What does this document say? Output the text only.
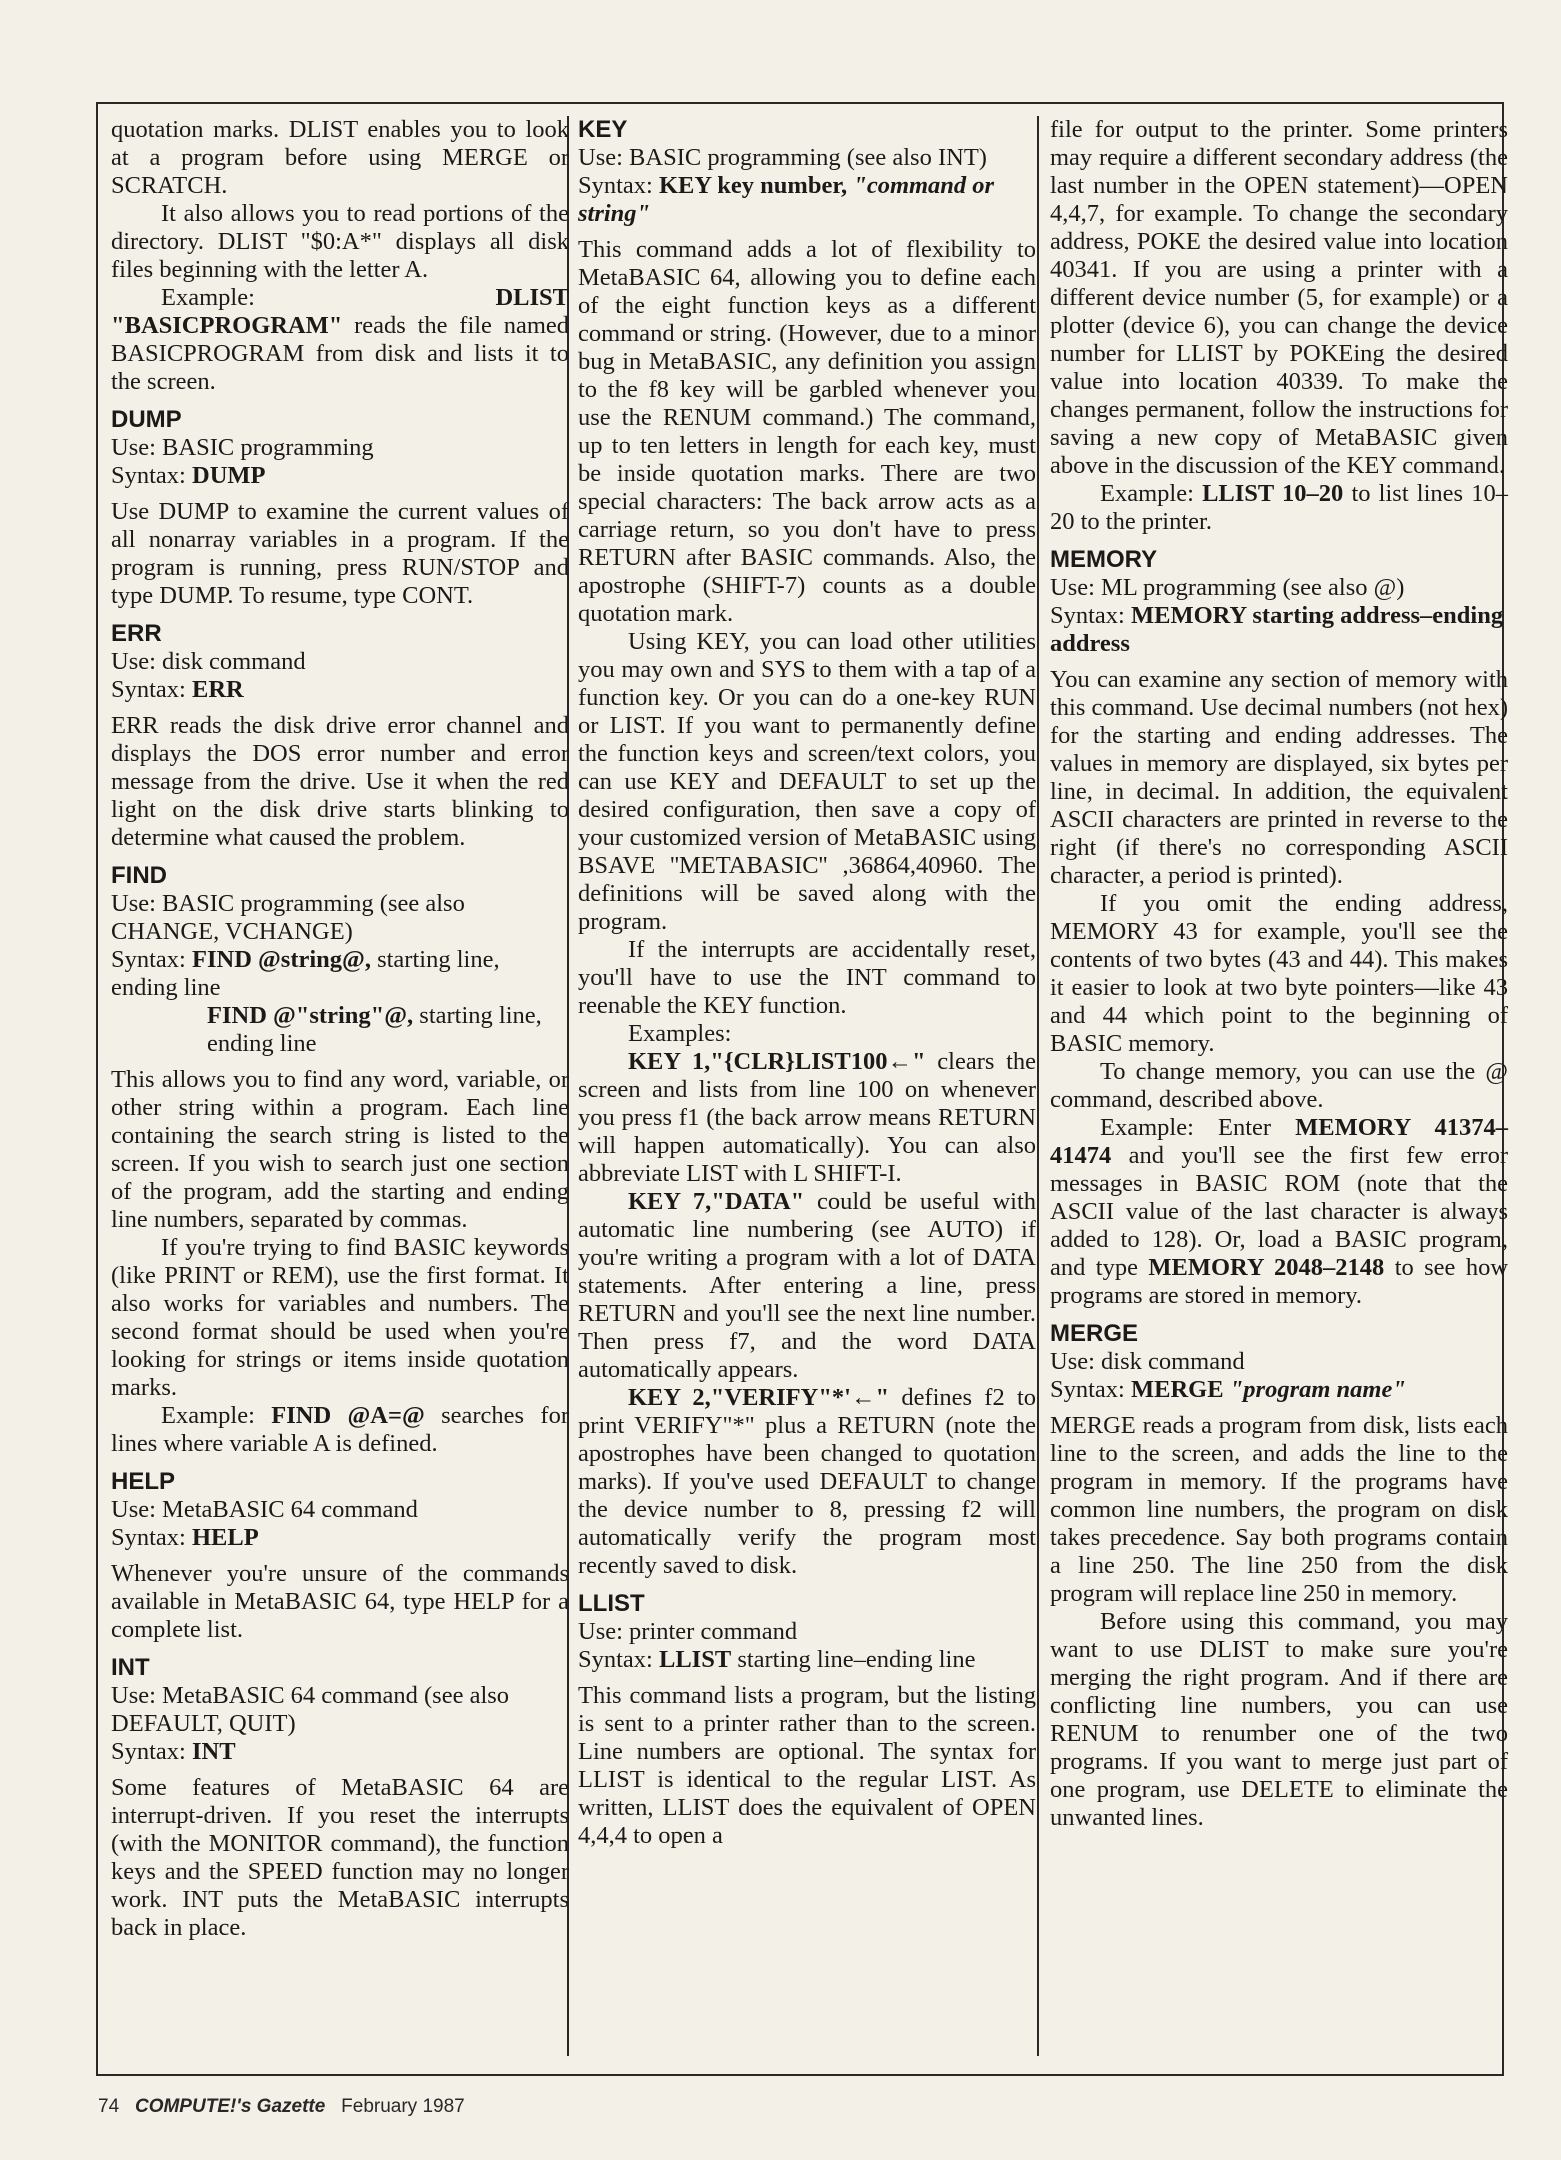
quotation marks. DLIST enables you to look at a program before using MERGE or SCRATCH.

It also allows you to read portions of the directory. DLIST "$0:A*" displays all disk files beginning with the letter A.

Example:	DLIST "BASICPROGRAM" reads the file named BASICPROGRAM from disk and lists it to the screen.

DUMP

Use: BASIC programming

Syntax: DUMP

Use DUMP to examine the current values of all nonarray variables in a program. If the program is running, press RUN/STOP and type DUMP. To resume, type CONT.

ERR

Use: disk command

Syntax: ERR

ERR reads the disk drive error channel and displays the DOS error number and error message from the drive. Use it when the red light on the disk drive starts blinking to determine what caused the problem.

FIND

Use: BASIC programming (see also CHANGE, VCHANGE)

Syntax: FIND @string@, starting line, ending line

FIND @"string"@, starting line, ending line

This allows you to find any word, variable, or other string within a program. Each line containing the search string is listed to the screen. If you wish to search just one section of the program, add the starting and ending line numbers, separated by commas.

If you're trying to find BASIC keywords (like PRINT or REM), use the first format. It also works for variables and numbers. The second format should be used when you're looking for strings or items inside quotation marks.

Example: FIND @A=@ searches for lines where variable A is defined.

HELP

Use: MetaBASIC 64 command

Syntax: HELP

Whenever you're unsure of the commands available in MetaBASIC 64, type HELP for a complete list.

INT

Use: MetaBASIC 64 command (see also DEFAULT, QUIT)

Syntax: INT

Some features of MetaBASIC 64 are interrupt-driven. If you reset the interrupts (with the MONITOR command), the function keys and the SPEED function may no longer work. INT puts the MetaBASIC interrupts back in place.

KEY

Use: BASIC programming (see also INT)

Syntax: KEY key number, "command or string"

This command adds a lot of flexibility to MetaBASIC 64, allowing you to define each of the eight function keys as a different command or string. (However, due to a minor bug in MetaBASIC, any definition you assign to the f8 key will be garbled whenever you use the RENUM command.) The command, up to ten letters in length for each key, must be inside quotation marks. There are two special characters: The back arrow acts as a carriage return, so you don't have to press RETURN after BASIC commands. Also, the apostrophe (SHIFT-7) counts as a double quotation mark.

Using KEY, you can load other utilities you may own and SYS to them with a tap of a function key. Or you can do a one-key RUN or LIST. If you want to permanently define the function keys and screen/text colors, you can use KEY and DEFAULT to set up the desired configuration, then save a copy of your customized version of MetaBASIC using BSAVE ''METABASIC'' ,36864,40960. The definitions will be saved along with the program.

If the interrupts are accidentally reset, you'll have to use the INT command to reenable the KEY function.

Examples:

KEY 1,"{CLR}LIST100←" clears the screen and lists from line 100 on whenever you press f1 (the back arrow means RETURN will happen automatically). You can also abbreviate LIST with L SHIFT-I.

KEY 7,"DATA" could be useful with automatic line numbering (see AUTO) if you're writing a program with a lot of DATA statements. After entering a line, press RETURN and you'll see the next line number. Then press f7, and the word DATA automatically appears.

KEY 2,"VERIFY"*'←" defines f2 to print VERIFY"*" plus a RETURN (note the apostrophes have been changed to quotation marks). If you've used DEFAULT to change the device number to 8, pressing f2 will automatically verify the program most recently saved to disk.

LLIST

Use: printer command

Syntax: LLIST starting line–ending line

This command lists a program, but the listing is sent to a printer rather than to the screen. Line numbers are optional. The syntax for LLIST is identical to the regular LIST. As written, LLIST does the equivalent of OPEN 4,4,4 to open a

file for output to the printer. Some printers may require a different secondary address (the last number in the OPEN statement)—OPEN 4,4,7, for example. To change the secondary address, POKE the desired value into location 40341. If you are using a printer with a different device number (5, for example) or a plotter (device 6), you can change the device number for LLIST by POKEing the desired value into location 40339. To make the changes permanent, follow the instructions for saving a new copy of MetaBASIC given above in the discussion of the KEY command.

Example: LLIST 10–20 to list lines 10–20 to the printer.

MEMORY

Use: ML programming (see also @)

Syntax: MEMORY starting address–ending address

You can examine any section of memory with this command. Use decimal numbers (not hex) for the starting and ending addresses. The values in memory are displayed, six bytes per line, in decimal. In addition, the equivalent ASCII characters are printed in reverse to the right (if there's no corresponding ASCII character, a period is printed).

If you omit the ending address, MEMORY 43 for example, you'll see the contents of two bytes (43 and 44). This makes it easier to look at two byte pointers—like 43 and 44 which point to the beginning of BASIC memory.

To change memory, you can use the @ command, described above.

Example: Enter MEMORY 41374–41474 and you'll see the first few error messages in BASIC ROM (note that the ASCII value of the last character is always added to 128). Or, load a BASIC program, and type MEMORY 2048–2148 to see how programs are stored in memory.

MERGE

Use: disk command

Syntax: MERGE "program name"

MERGE reads a program from disk, lists each line to the screen, and adds the line to the program in memory. If the programs have common line numbers, the program on disk takes precedence. Say both programs contain a line 250. The line 250 from the disk program will replace line 250 in memory.

Before using this command, you may want to use DLIST to make sure you're merging the right program. And if there are conflicting line numbers, you can use RENUM to renumber one of the two programs. If you want to merge just part of one program, use DELETE to eliminate the unwanted lines.

74 COMPUTE!'s Gazette February 1987
